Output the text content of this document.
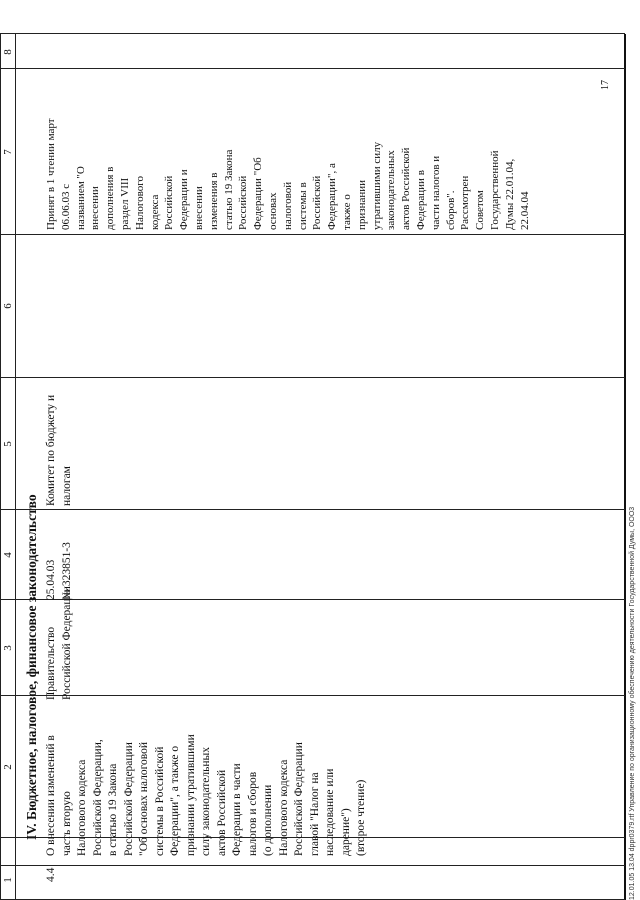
1
2
3
4
5
6
7
8
IV. Бюджетное, налоговое, финансовое законодательство
4.4
О внесении изменений в
часть вторую
Налогового кодекса
Российской Федерации,
в статью 19 Закона
Российской Федерации
"Об основах налоговой
системы в Российской
Федерации", а также о
признании утратившими
силу законодательных
актов Российской
Федерации в части
налогов и сборов
(о дополнении
Налогового кодекса
Российской Федерации
главой "Налог на
наследование или
дарение")
(второе чтение)
Правительство
Российской Федерации
25.04.03
№ 323851-3
Комитет по бюджету и
налогам
Принят в 1 чтении март
06.06.03 с
названием "О
внесении
дополнения в
раздел VIII
Налогового
кодекса
Российской
Федерации и
внесении
изменения в
статью 19 Закона
Российской
Федерации "Об
основах
налоговой
системы в
Российской
Федерации", а
также о
признании
утратившими силу
законодательных
актов Российской
Федерации в
части налогов и
сборов".
Рассмотрен
Советом
Государственной
Думы 22.01.04,
22.04.04
12.01.05 13.04 dppr0379.rtf Управление по организационному обеспечению деятельности Государственной Думы, ООО3
17
